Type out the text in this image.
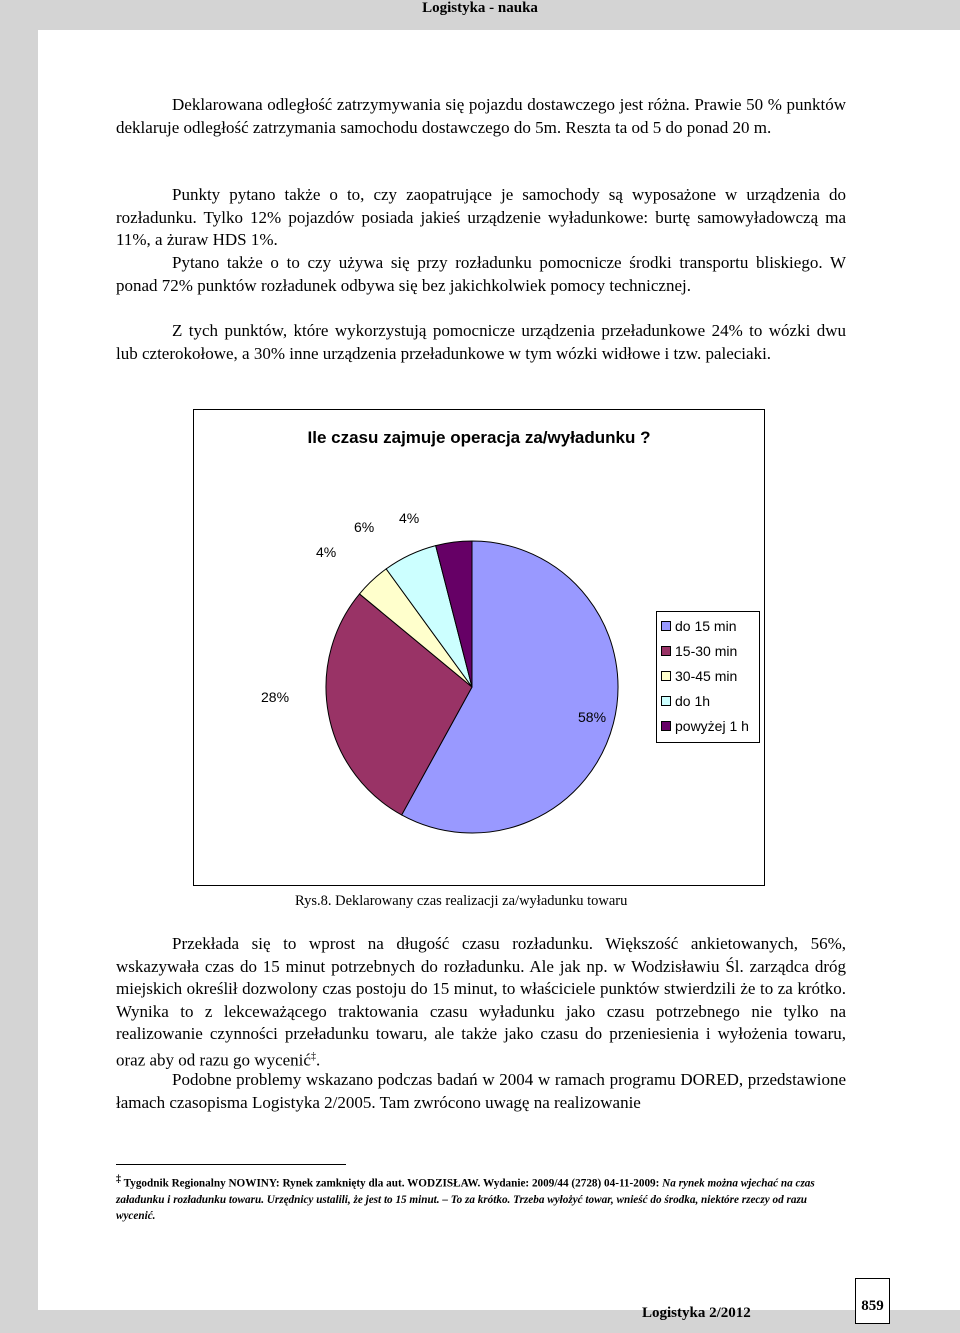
Logistyka - nauka

Deklarowana odległość zatrzymywania się pojazdu dostawczego jest różna. Prawie 50 % punktów deklaruje odległość zatrzymania samochodu dostawczego do 5m. Reszta ta od 5 do ponad 20 m.

Punkty pytano także o to, czy zaopatrujące je samochody są wyposażone w urządzenia do rozładunku. Tylko 12% pojazdów posiada jakieś urządzenie wyładunkowe: burtę samowyładowczą ma 11%, a żuraw HDS 1%.

Pytano także o to czy używa się przy rozładunku pomocnicze środki transportu bliskiego. W ponad 72% punktów rozładunek odbywa się bez jakichkolwiek pomocy technicznej.

Z tych punktów, które wykorzystują pomocnicze urządzenia przeładunkowe 24% to wózki dwu lub czterokołowe, a 30% inne urządzenia przeładunkowe w tym wózki widłowe i tzw. paleciaki.

Ile czasu zajmuje operacja za/wyładunku ?
58%
28%
4%
6%
4%
do 15 min
15-30 min
30-45 min
do 1h
powyżej 1 h
Rys.8. Deklarowany czas realizacji za/wyładunku towaru

Przekłada się to wprost na długość czasu rozładunku. Większość ankietowanych, 56%, wskazywała czas do 15 minut potrzebnych do rozładunku. Ale jak np. w Wodzisławiu Śl. zarządca dróg miejskich określił dozwolony czas postoju do 15 minut, to właściciele punktów stwierdzili że to za krótko. Wynika to z lekceważącego traktowania czasu wyładunku jako czasu potrzebnego nie tylko na realizowanie czynności przeładunku towaru, ale także jako czasu do przeniesienia i wyłożenia towaru, oraz aby od razu go wycenić‡.

Podobne problemy wskazano podczas badań w 2004 w ramach programu DORED, przedstawione łamach czasopisma Logistyka 2/2005. Tam zwrócono uwagę na realizowanie

‡ Tygodnik Regionalny NOWINY: Rynek zamknięty dla aut. WODZISŁAW. Wydanie: 2009/44 (2728) 04-11-2009: Na rynek można wjechać na czas załadunku i rozładunku towaru. Urzędnicy ustalili, że jest to 15 minut. – To za krótko. Trzeba wyłożyć towar, wnieść do środka, niektóre rzeczy od razu wycenić.

Logistyka 2/2012	859
